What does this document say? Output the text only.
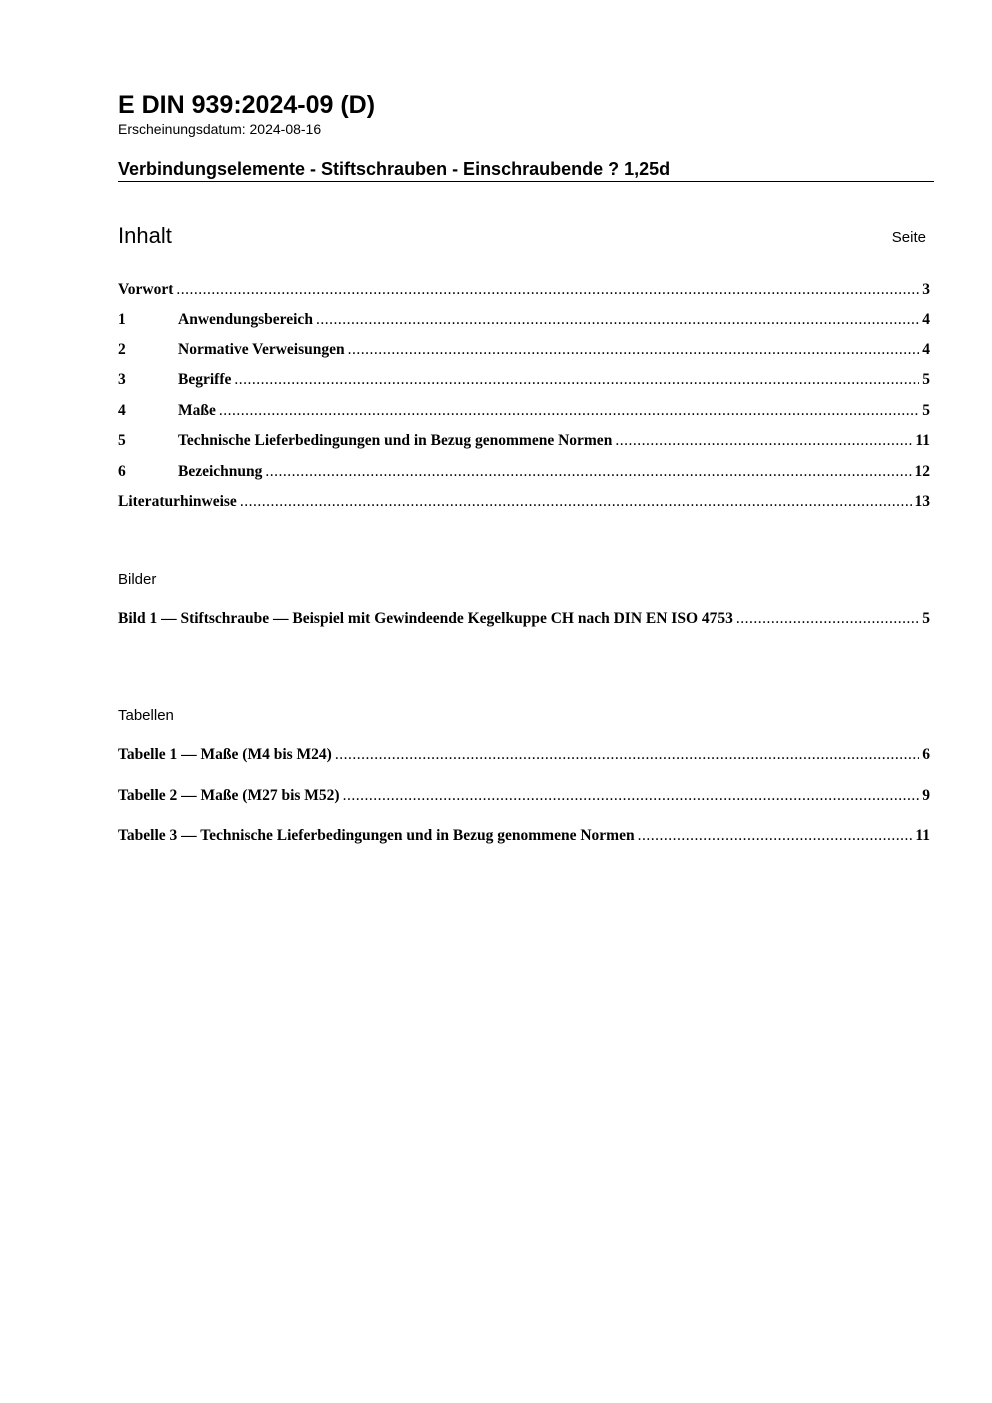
E DIN 939:2024-09 (D)
Erscheinungsdatum: 2024-08-16
Verbindungselemente - Stiftschrauben - Einschraubende ? 1,25d
Inhalt	Seite
Vorwort .....	3
1	Anwendungsbereich .....	4
2	Normative Verweisungen .....	4
3	Begriffe .....	5
4	Maße .....	5
5	Technische Lieferbedingungen und in Bezug genommene Normen .....	11
6	Bezeichnung .....	12
Literaturhinweise .....	13
Bilder
Bild 1 — Stiftschraube — Beispiel mit Gewindeende Kegelkuppe CH nach DIN EN ISO 4753 .....	5
Tabellen
Tabelle 1 — Maße (M4 bis M24) .....	6
Tabelle 2 — Maße (M27 bis M52) .....	9
Tabelle 3 — Technische Lieferbedingungen und in Bezug genommene Normen .....	11
